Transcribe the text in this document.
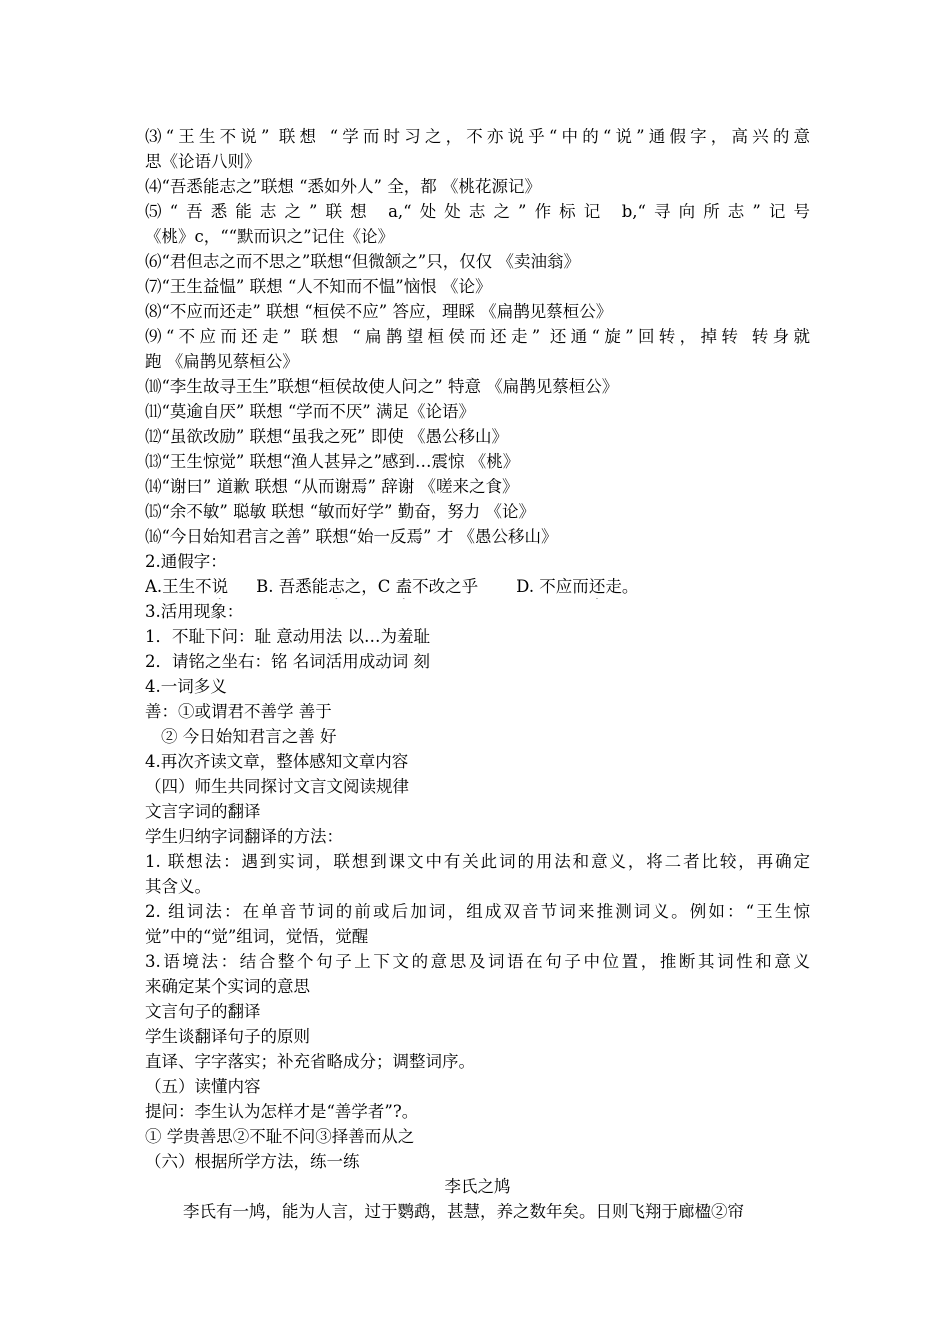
⑶“王生不说” 联想 “学而时习之，不亦说乎“中的“说”通假字，高兴的意
思《论语八则》
⑷“吾悉能志之”联想 “悉如外人” 全，都 《桃花源记》
⑸“吾悉能志之”联想 a,“处处志之”作标记 b,“寻向所志”记号
《桃》c，““默而识之”记住《论》
⑹“君但志之而不思之”联想“但微颔之”只，仅仅 《卖油翁》
⑺“王生益愠” 联想 “人不知而不愠”恼恨 《论》
⑻“不应而还走” 联想 “桓侯不应” 答应，理睬 《扁鹊见蔡桓公》
⑼“不应而还走” 联想 “扁鹊望桓侯而还走” 还通“旋”回转，掉转 转身就
跑 《扁鹊见蔡桓公》
⑽“李生故寻王生”联想“桓侯故使人问之” 特意 《扁鹊见蔡桓公》
⑾“莫逾自厌” 联想 “学而不厌” 满足《论语》
⑿“虽欲改励” 联想“虽我之死” 即使 《愚公移山》
⒀“王生惊觉” 联想“渔人甚异之”感到…震惊 《桃》
⒁“谢曰” 道歉 联想 “从而谢焉” 辞谢 《嗟来之食》
⒂“余不敏” 聪敏 联想 “敏而好学” 勤奋，努力 《论》
⒃“今日始知君言之善” 联想“始一反焉” 才 《愚公移山》
2.通假字：
A.王生不说 B. 吾悉能志之，C 盍不改之乎 D. 不应而还走。
3.活用现象：
1．不耻下问：耻 意动用法 以…为羞耻
2．请铭之坐右：铭 名词活用成动词 刻
4.一词多义
善：①或谓君不善学 善于
② 今日始知君言之善 好
4.再次齐读文章，整体感知文章内容
（四）师生共同探讨文言文阅读规律
文言字词的翻译
学生归纳字词翻译的方法：
1. 联想法：遇到实词，联想到课文中有关此词的用法和意义，将二者比较，再确定
其含义。
2. 组词法：在单音节词的前或后加词，组成双音节词来推测词义。例如：“王生惊
觉”中的“觉”组词，觉悟，觉醒
3.语境法：结合整个句子上下文的意思及词语在句子中位置，推断其词性和意义
来确定某个实词的意思
文言句子的翻译
学生谈翻译句子的原则
直译、字字落实；补充省略成分；调整词序。
（五）读懂内容
提问：李生认为怎样才是“善学者”?。
① 学贵善思②不耻不问③择善而从之
（六）根据所学方法，练一练
李氏之鸠
李氏有一鸠，能为人言，过于鹦鹉，甚慧，养之数年矣。日则飞翔于廊楹②帘
